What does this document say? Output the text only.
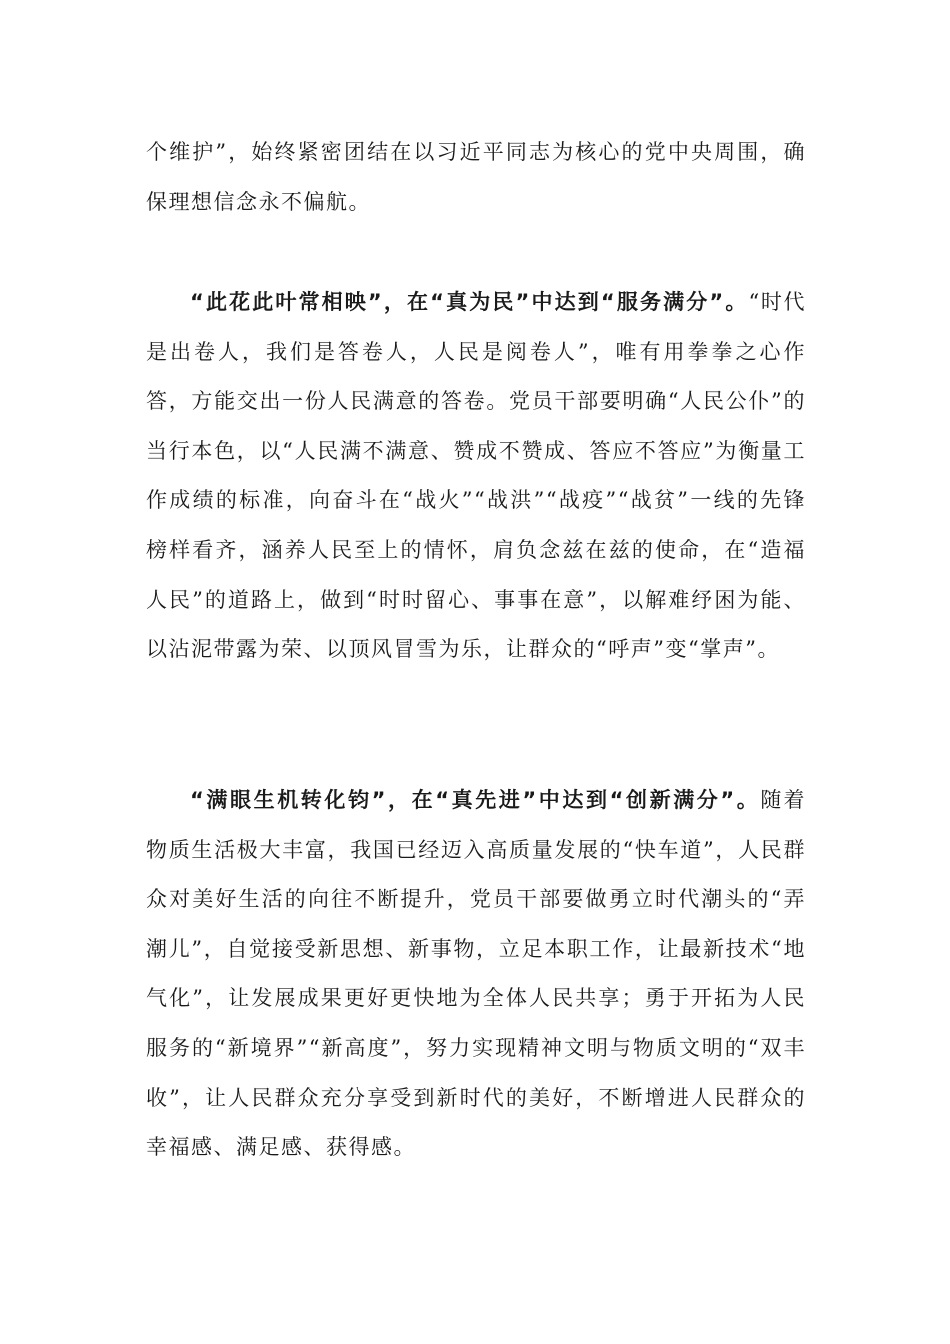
个维护”，始终紧密团结在以习近平同志为核心的党中央周围，确保理想信念永不偏航。

“此花此叶常相映”，在“真为民”中达到“服务满分”。“时代是出卷人，我们是答卷人，人民是阅卷人”，唯有用拳拳之心作答，方能交出一份人民满意的答卷。党员干部要明确“人民公仆”的当行本色，以“人民满不满意、赞成不赞成、答应不答应”为衡量工作成绩的标准，向奋斗在“战火”“战洪”“战疫”“战贫”一线的先锋榜样看齐，涵养人民至上的情怀，肩负念兹在兹的使命，在“造福人民”的道路上，做到“时时留心、事事在意”，以解难纾困为能、以沾泥带露为荣、以顶风冒雪为乐，让群众的“呼声”变“掌声”。

“满眼生机转化钧”，在“真先进”中达到“创新满分”。随着物质生活极大丰富，我国已经迈入高质量发展的“快车道”，人民群众对美好生活的向往不断提升，党员干部要做勇立时代潮头的“弄潮儿”，自觉接受新思想、新事物，立足本职工作，让最新技术“地气化”，让发展成果更好更快地为全体人民共享；勇于开拓为人民服务的“新境界”“新高度”，努力实现精神文明与物质文明的“双丰收”，让人民群众充分享受到新时代的美好，不断增进人民群众的幸福感、满足感、获得感。
